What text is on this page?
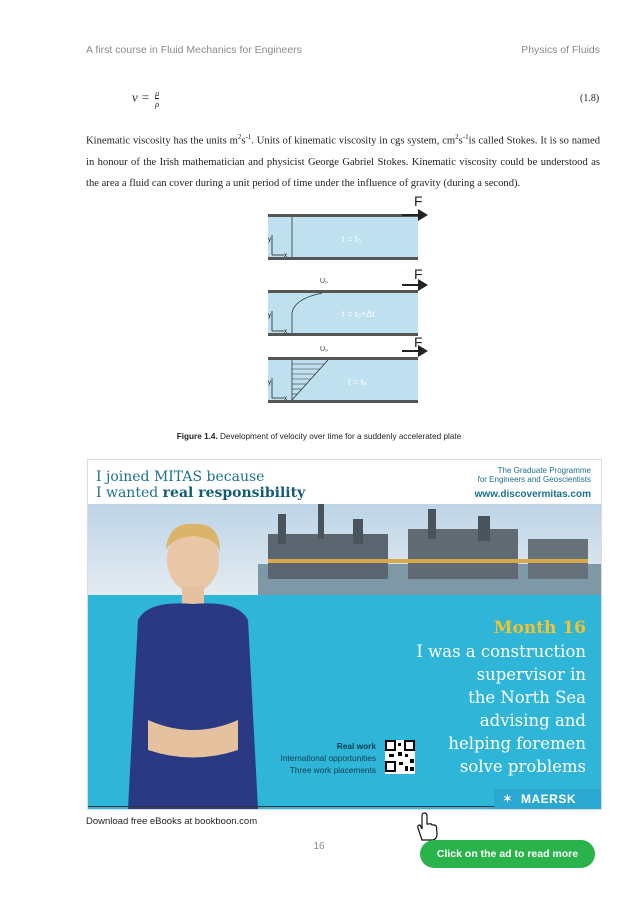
A first course in Fluid Mechanics for Engineers	Physics of Fluids
$\nu = \frac{\mu}{\rho}$	(1.8)
Kinematic viscosity has the units $m^2s^{-1}$. Units of kinematic viscosity in cgs system, $cm^2s^{-1}is$ called Stokes. It is so named in honour of the Irish mathematician and physicist George Gabriel Stokes. Kinematic viscosity could be understood as the area a fluid can cover during a unit period of time under the influence of gravity (during a second).
F
y
x
t = t₀
U₀	F
y
x
t = t₀+Δt
U₀	F
y
x
t = tₙ
Figure 1.4. Development of velocity over time for a suddenly accelerated plate
I joined MITAS because
I wanted real responsibility
The Graduate Programme
for Engineers and Geoscientists
www.discovermitas.com
Month 16
I was a construction
supervisor in
the North Sea
advising and
helping foremen
solve problems
Real work
International opportunities
Three work placements
✶ MAERSK
Download free eBooks at bookboon.com
16
Click on the ad to read more
